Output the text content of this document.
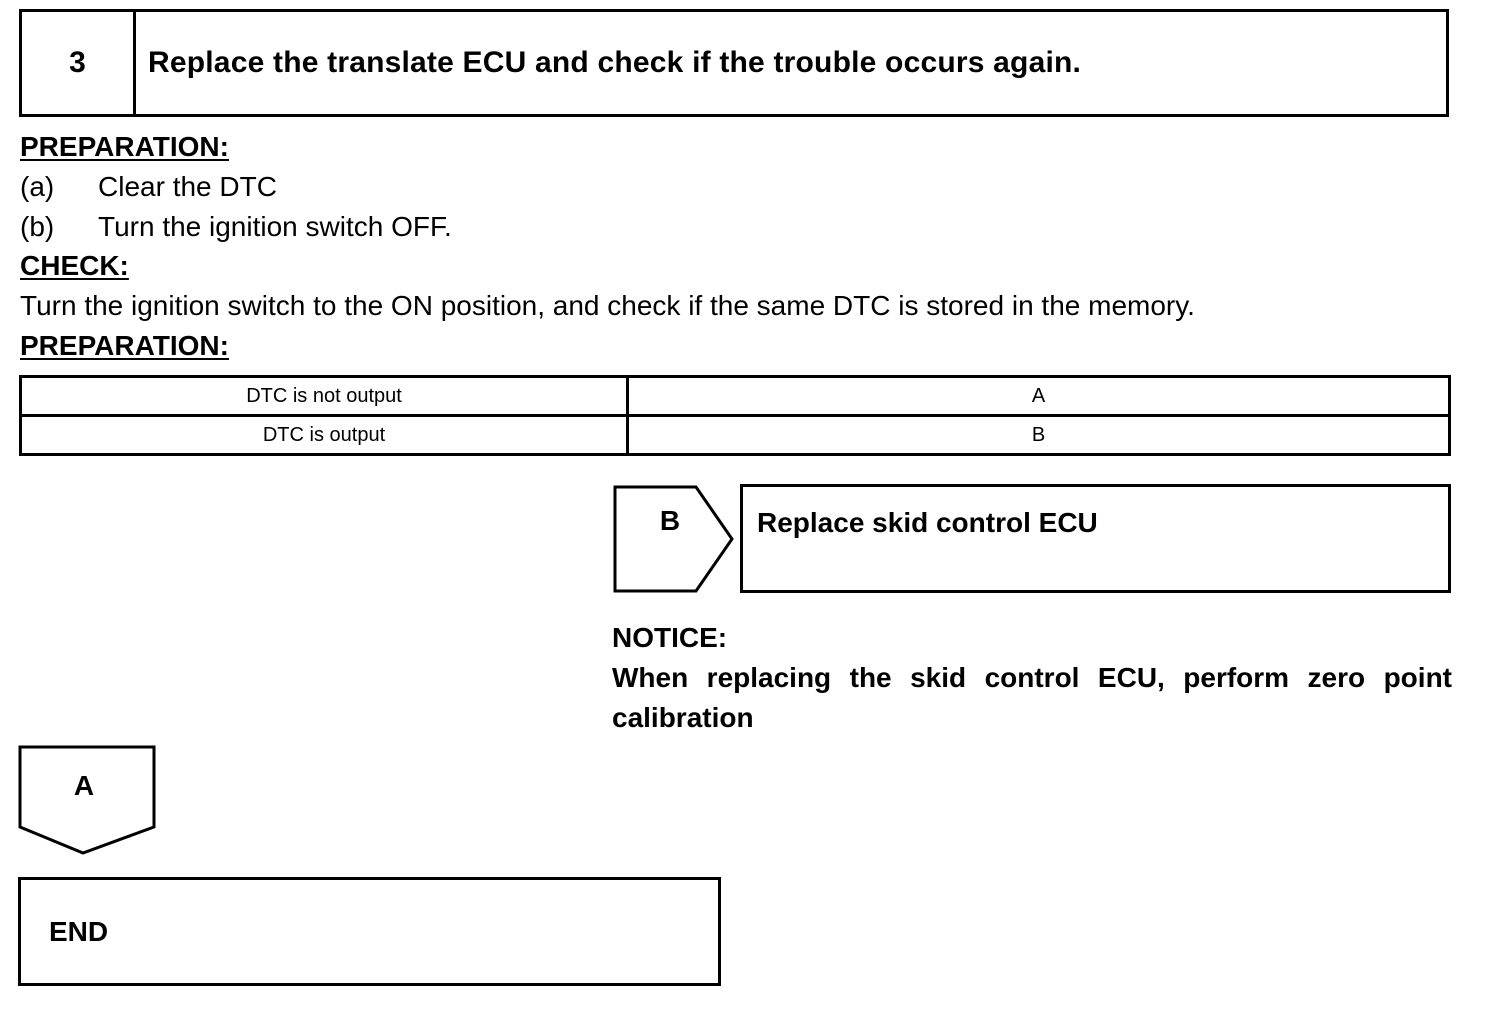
3	Replace the translate ECU and check if the trouble occurs again.
PREPARATION:
(a) Clear the DTC
(b) Turn the ignition switch OFF.
CHECK:
Turn the ignition switch to the ON position, and check if the same DTC is stored in the memory.
PREPARATION:
DTC is not output	A
DTC is output	B
B	Replace skid control ECU
NOTICE:
When replacing the skid control ECU, perform zero point calibration
A
END
